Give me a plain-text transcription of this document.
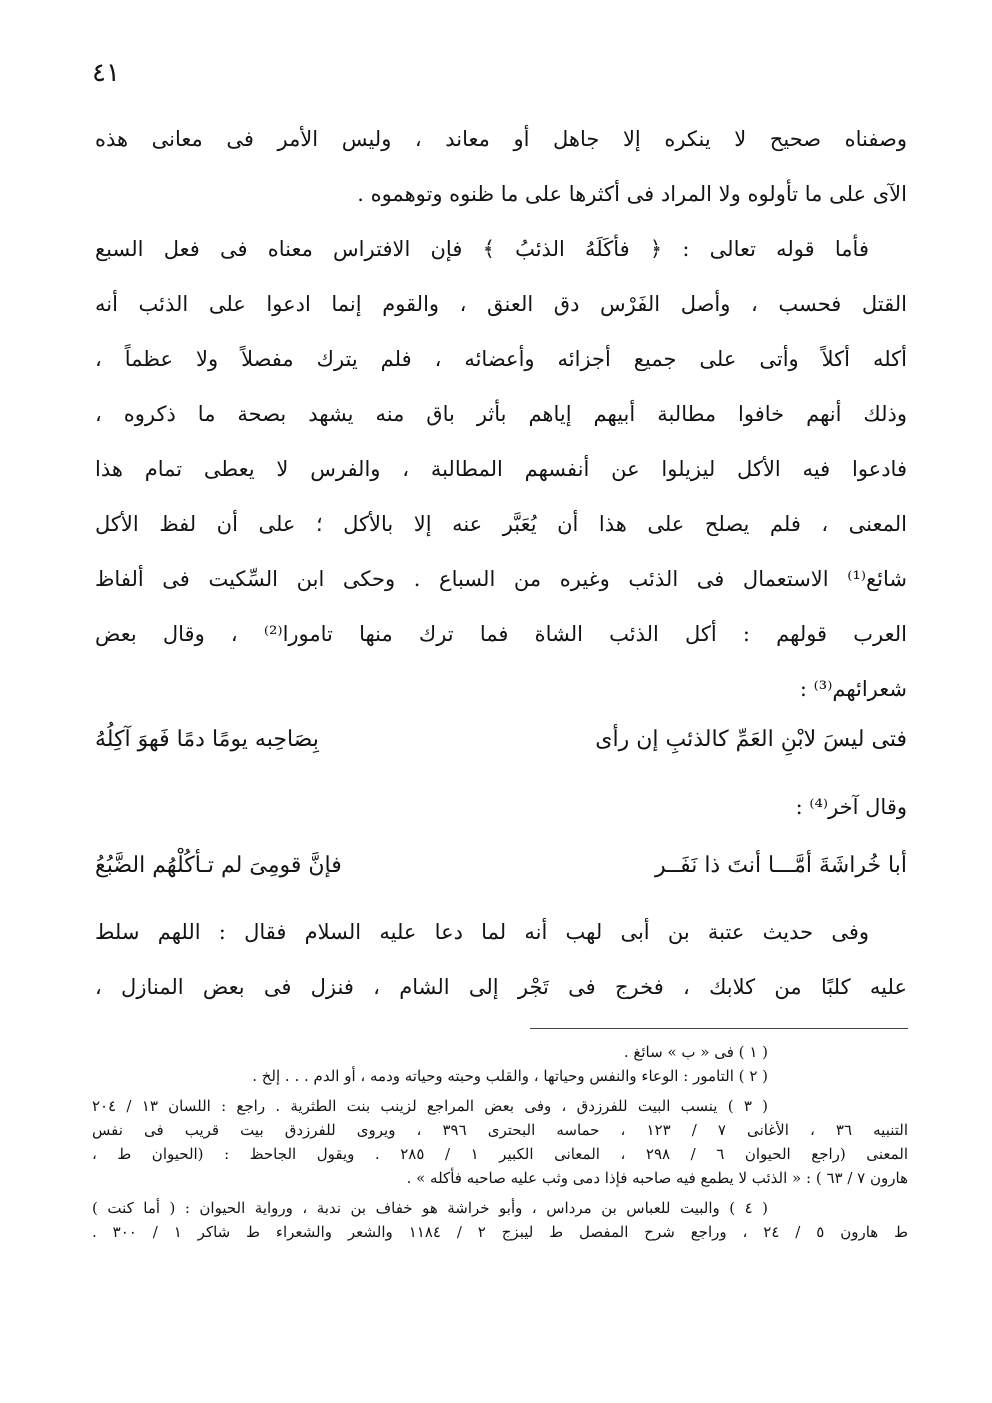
٤١
وصفناه صحيح لا ينكره إلا جاهل أو معاند ، وليس الأمر فى معانى هذه
الآى على ما تأولوه ولا المراد فى أكثرها على ما ظنوه وتوهموه .
فأما قوله تعالى : ﴿ فأكَلَهُ الذئبُ ﴾ فإن الافتراس معناه فى فعل السبع
القتل فحسب ، وأصل الفَرْس دق العنق ، والقوم إنما ادعوا على الذئب أنه
أكله أكلاً وأتى على جميع أجزائه وأعضائه ، فلم يترك مفصلاً ولا عظماً ،
وذلك أنهم خافوا مطالبة أبيهم إياهم بأثر باق منه يشهد بصحة ما ذكروه ،
فادعوا فيه الأكل ليزيلوا عن أنفسهم المطالبة ، والفرس لا يعطى تمام هذا
المعنى ، فلم يصلح على هذا أن يُعَبَّر عنه إلا بالأكل ؛ على أن لفظ الأكل
شائع⁽¹⁾ الاستعمال فى الذئب وغيره من السباع . وحكى ابن السِّكيت فى ألفاظ
العرب قولهم : أكل الذئب الشاة فما ترك منها تامورا⁽²⁾ ، وقال بعض
شعرائهم⁽³⁾ :
فتى ليسَ لابْنِ العَمِّ كالذئبِ إن رأى
بِصَاحِبه يومًا دمًا فَهوَ آكِلُهُ
وقال آخر⁽⁴⁾ :
أبا خُراشَةَ أمَّـــا أنتَ ذا نَفَــر
فإنَّ قومِىَ لم تـأكُلْهُم الضَّبُعُ
وفى حديث عتبة بن أبى لهب أنه لما دعا عليه السلام فقال : اللهم سلط
عليه كلبًا من كلابك ، فخرج فى تَجْر إلى الشام ، فنزل فى بعض المنازل ،
( ١ ) فى « ب » سائغ .
( ٢ ) التامور : الوعاء والنفس وحياتها ، والقلب وحبته وحياته ودمه ، أو الدم . . . إلخ .
( ٣ ) ينسب البيت للفرزدق ، وفى بعض المراجع لزينب بنت الطثرية . راجع : اللسان ١٣ / ٢٠٤
التنبيه ٣٦ ، الأغانى ٧ / ١٢٣ ، حماسه البحترى ٣٩٦ ، ويروى للفرزدق بيت قريب فى نفس
المعنى (راجع الحيوان ٦ / ٢٩٨ ، المعانى الكبير ١ / ٢٨٥ . ويقول الجاحظ : (الحيوان ط ،
هارون ٧ / ٦٣ ) : « الذئب لا يطمع فيه صاحبه فإذا دمى وثب عليه صاحبه فأكله » .
( ٤ ) والبيت للعباس بن مرداس ، وأبو خراشة هو خفاف بن ندبة ، ورواية الحيوان : ( أما كنت )
ط هارون ٥ / ٢٤ ، وراجع شرح المفصل ط ليبزج ٢ / ١١٨٤ والشعر والشعراء ط شاكر ١ / ٣٠٠ .
